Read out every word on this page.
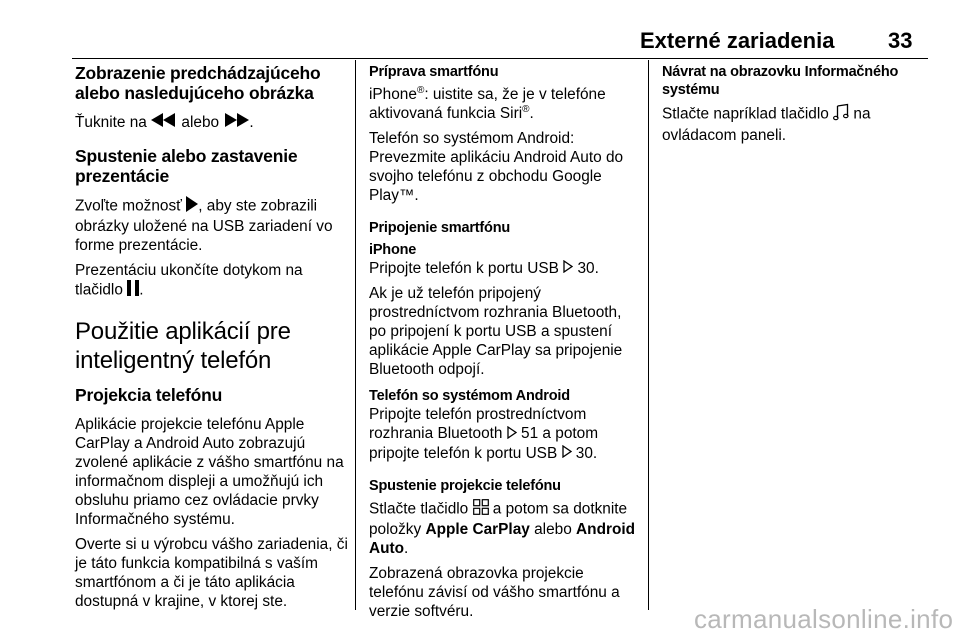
Externé zariadenia 33
Zobrazenie predchádzajúceho alebo nasledujúceho obrázka
Ťuknite na  alebo .
Spustenie alebo zastavenie prezentácie
Zvoľte možnosť , aby ste zobrazili obrázky uložené na USB zariadení vo forme prezentácie.
Prezentáciu ukončíte dotykom na tlačidlo .
Použitie aplikácií pre inteligentný telefón
Projekcia telefónu
Aplikácie projekcie telefónu Apple CarPlay a Android Auto zobrazujú zvolené aplikácie z vášho smartfónu na informačnom displeji a umožňujú ich obsluhu priamo cez ovládacie prvky Informačného systému.
Overte si u výrobcu vášho zariadenia, či je táto funkcia kompatibilná s vaším smartfónom a či je táto aplikácia dostupná v krajine, v ktorej ste.
Príprava smartfónu
iPhone®: uistite sa, že je v telefóne aktivovaná funkcia Siri®.
Telefón so systémom Android: Prevezmite aplikáciu Android Auto do svojho telefónu z obchodu Google Play™.
Pripojenie smartfónu
iPhone
Pripojte telefón k portu USB  30.
Ak je už telefón pripojený prostredníctvom rozhrania Bluetooth, po pripojení k portu USB a spustení aplikácie Apple CarPlay sa pripojenie Bluetooth odpojí.
Telefón so systémom Android
Pripojte telefón prostredníctvom rozhrania Bluetooth  51 a potom pripojte telefón k portu USB  30.
Spustenie projekcie telefónu
Stlačte tlačidlo  a potom sa dotknite položky Apple CarPlay alebo Android Auto.
Zobrazená obrazovka projekcie telefónu závisí od vášho smartfónu a verzie softvéru.
Návrat na obrazovku Informačného systému
Stlačte napríklad tlačidlo  na ovládacom paneli.
carmanualsonline.info
